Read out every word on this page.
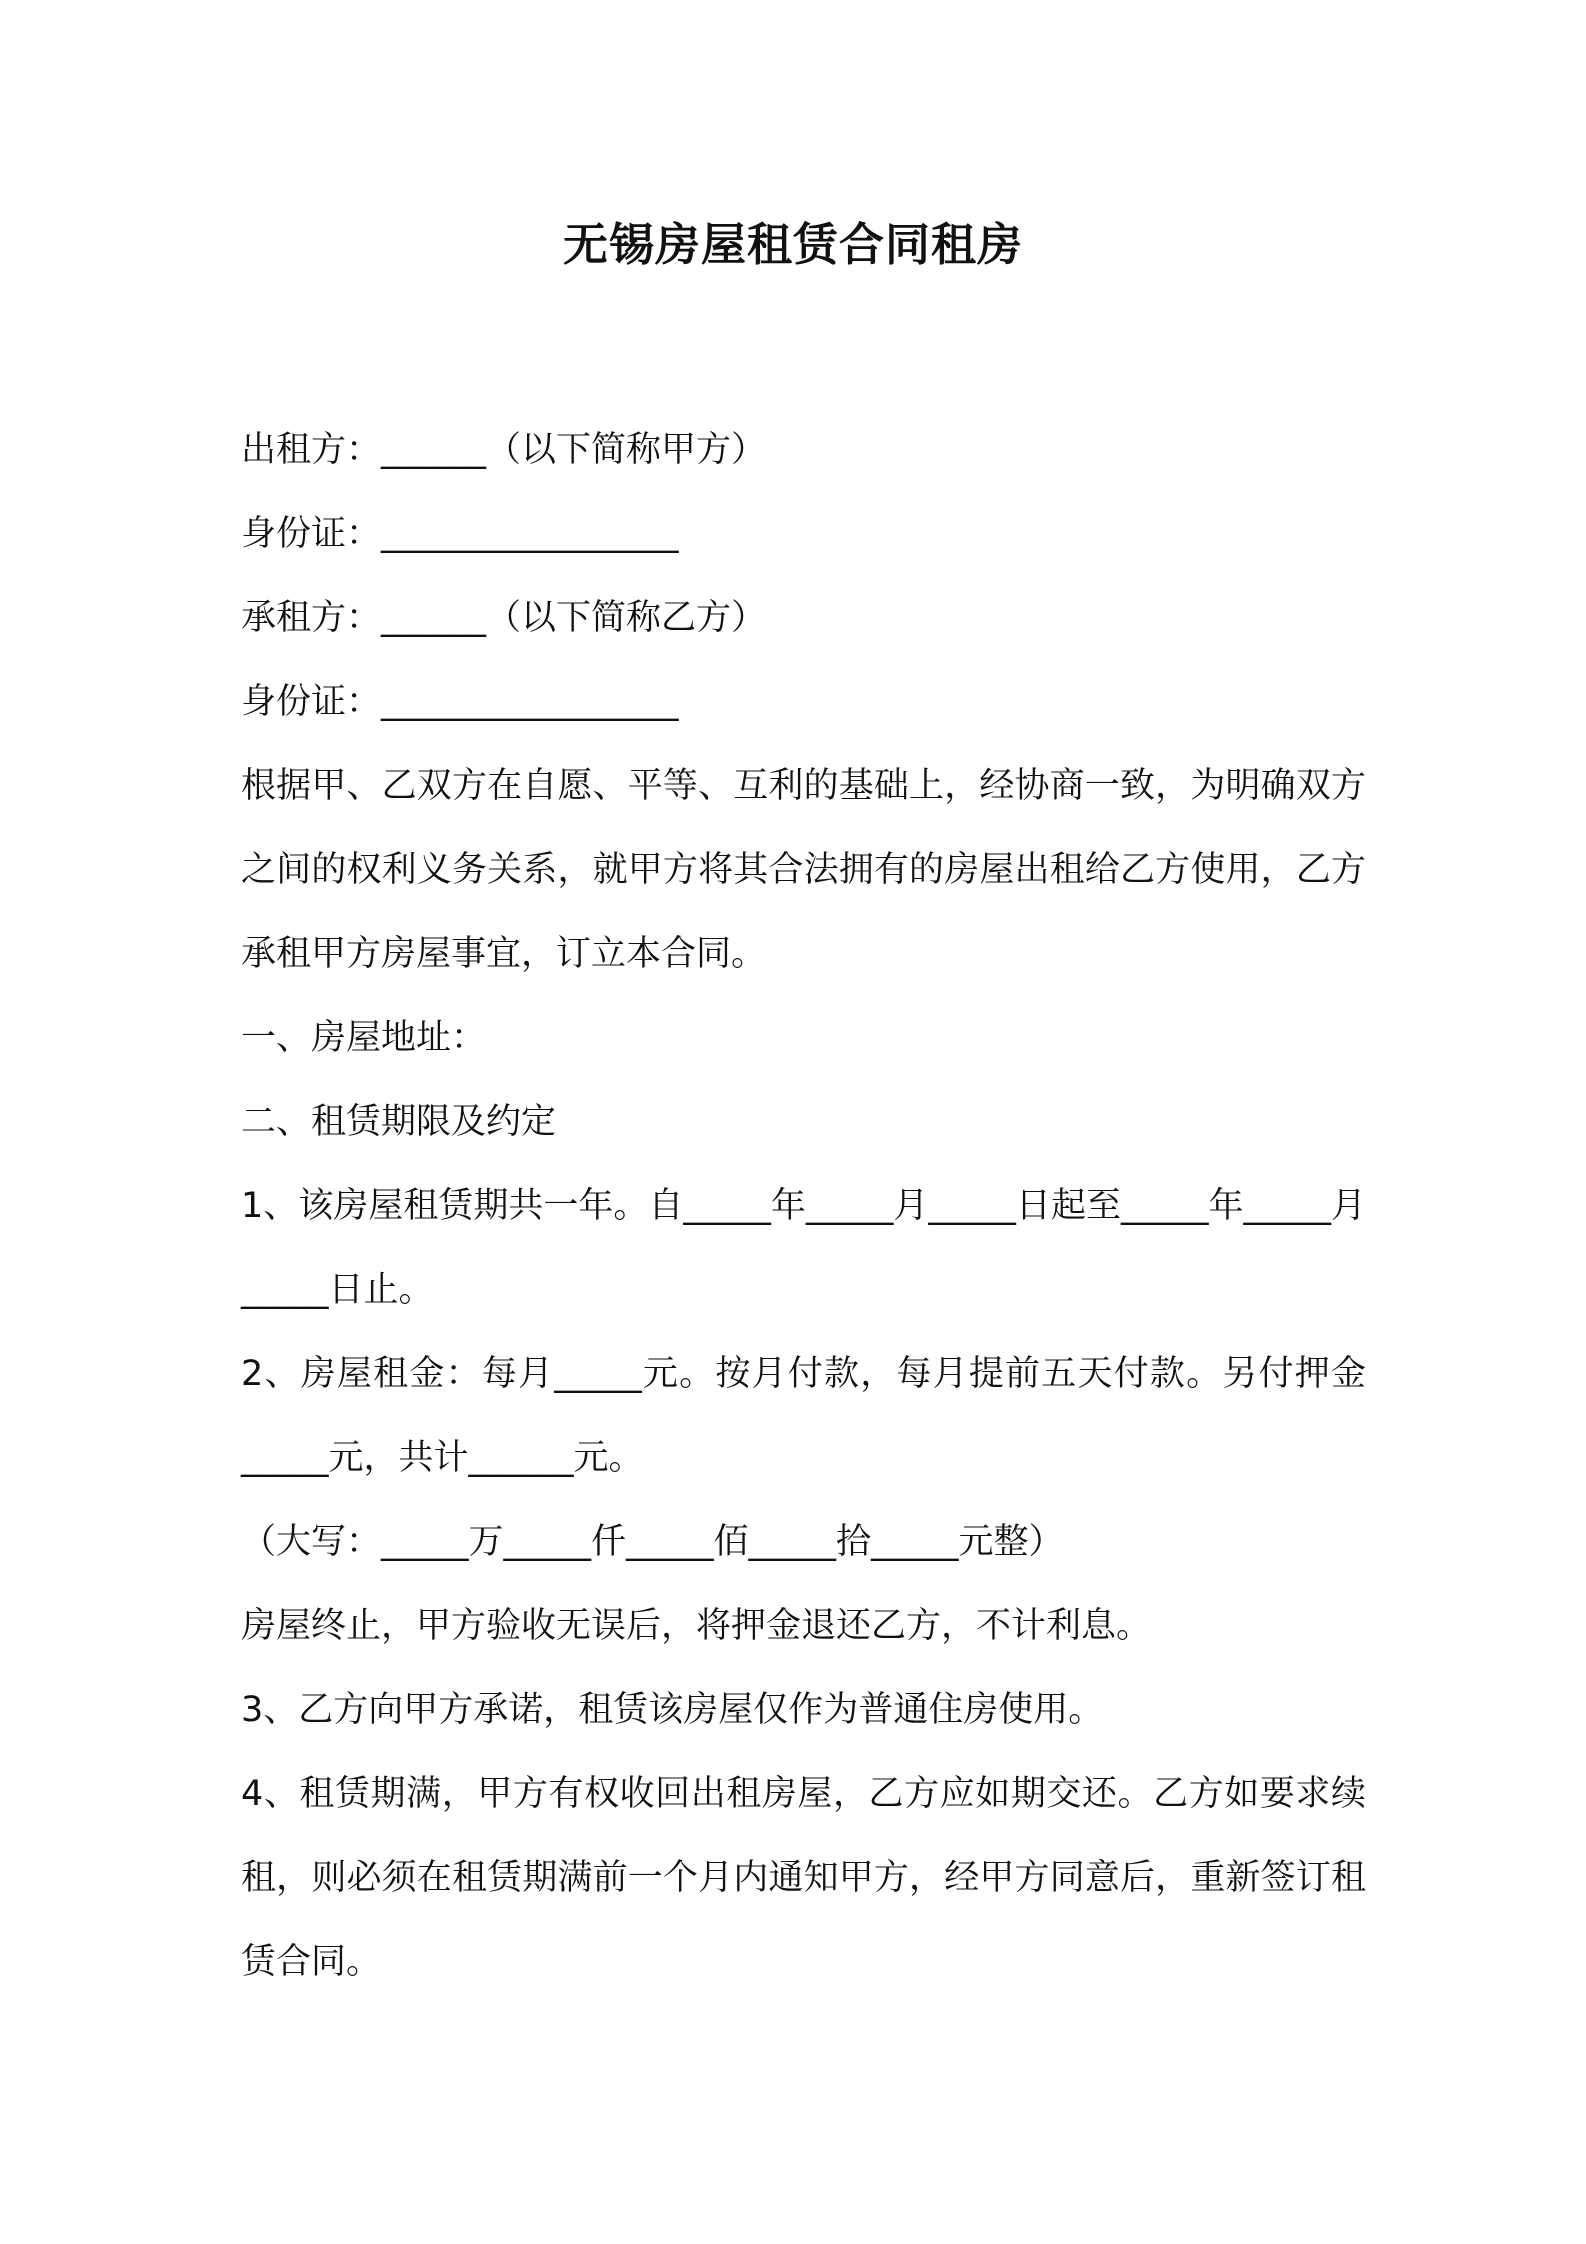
无锡房屋租赁合同租房
出租方：______（以下简称甲方）
身份证：_________________
承租方：______（以下简称乙方）
身份证：_________________
根据甲、乙双方在自愿、平等、互利的基础上，经协商一致，为明确双方之间的权利义务关系，就甲方将其合法拥有的房屋出租给乙方使用，乙方承租甲方房屋事宜，订立本合同。
一、房屋地址：
二、租赁期限及约定
1、该房屋租赁期共一年。自_____年_____月_____日起至_____年_____月_____日止。
2、房屋租金：每月_____元。按月付款，每月提前五天付款。另付押金_____元，共计______元。
（大写：_____万_____仟_____佰_____拾_____元整）
房屋终止，甲方验收无误后，将押金退还乙方，不计利息。
3、乙方向甲方承诺，租赁该房屋仅作为普通住房使用。
4、租赁期满，甲方有权收回出租房屋，乙方应如期交还。乙方如要求续租，则必须在租赁期满前一个月内通知甲方，经甲方同意后，重新签订租赁合同。
